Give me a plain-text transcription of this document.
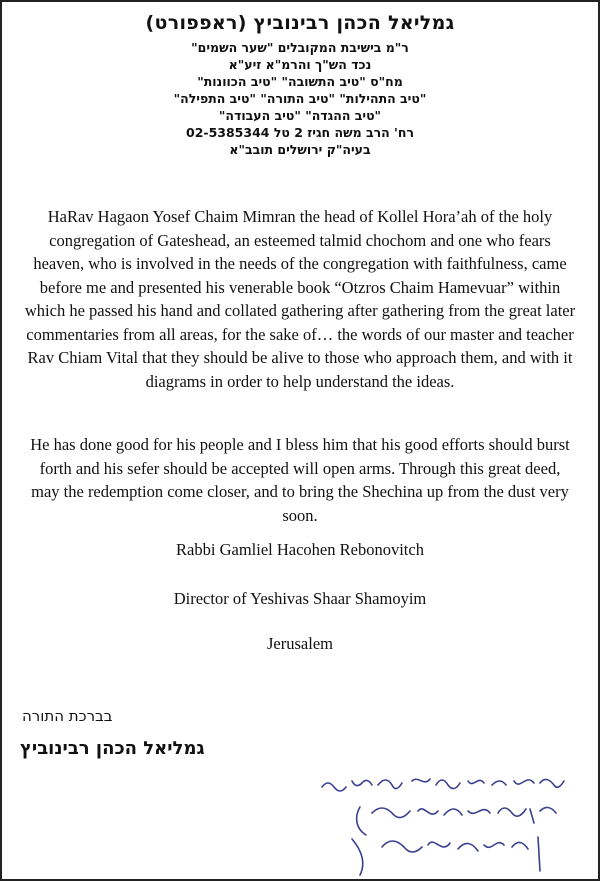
גמליאל הכהן רבינוביץ (ראפפורט)

ר"מ בישיבת המקובלים "שער השמים"

נכד הש"ך והרמ"א זיע"א

מח"ס "טיב התשובה" "טיב הכוונות"

"טיב התהילות" "טיב התורה" "טיב התפילה"

"טיב ההגדה" "טיב העבודה"

רח' הרב משה חגיז 2 טל 02-5385344

בעיה"ק ירושלים תובב"א

HaRav Hagaon Yosef Chaim Mimran the head of Kollel Hora’ah of the holy congregation of Gateshead, an esteemed talmid chochom and one who fears heaven, who is involved in the needs of the congregation with faithfulness, came before me and presented his venerable book “Otzros Chaim Hamevuar” within which he passed his hand and collated gathering after gathering from the great later commentaries from all areas, for the sake of… the words of our master and teacher Rav Chiam Vital that they should be alive to those who approach them, and with it diagrams in order to help understand the ideas.

He has done good for his people and I bless him that his good efforts should burst forth and his sefer should be accepted will open arms. Through this great deed, may the redemption come closer, and to bring the Shechina up from the dust very soon.

Rabbi Gamliel Hacohen Rebonovitch

Director of Yeshivas Shaar Shamoyim

Jerusalem

בברכת התורה

גמליאל הכהן רבינוביץ
